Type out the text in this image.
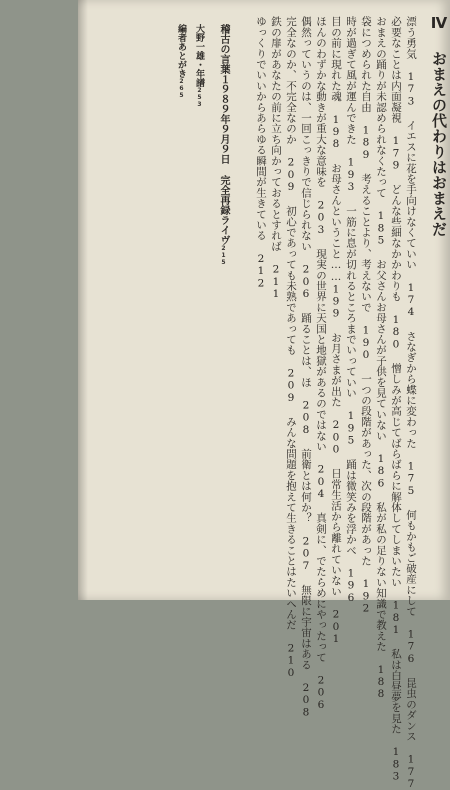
Ⅳ おまえの代わりはおまえだ
漂う勇気 173 イエスに花を手向けなくていい 174 さなぎから蝶に変わった 175 何もかもご破産にして 176 昆虫のダンス 177
必要なことは内面凝視 179 どんな些細なかかわりも 180 憎しみが高じてばらばらに解体してしまいたい 181 私は白昼夢を見た 183
おまえの踊りが未認められなくたって 185 お父さんお母さんが子供を見ていない 186 私が私の足りない知識で教えた 188
袋につめられた自由 189 考えることより、考えないで 190 一つの段階があった、次の段階があった 192
時が過ぎて風が運んできた 193 一筋に息が切れるところまでいっていい 195 踊は微笑みを浮かべ 196
目の前に現れた魂 198 お母さんということ……199 お月さまが出た 200 日常生活から離れていない 201
ほんのわずかな動きが重大な意味を 203 現実の世界に天国と地獄があるのではない 204 真剣に、でたらめにやったって 206
偶然っていうのは、一回こっきりで信じられない 206 踊ることは、ほ 208 前衛とは何か？ 207 無限に宇宙はある 208
完全なのか、不完全なのか 209 初心であっても未熟であっても 209 みんな問題を抱えて生きることはたいへんだ 210
鉄の扉があなたの前に立ち向かっておるとすれば 211
ゆっくりでいいからあらゆる瞬間が生きている 212
稽古の言葉１９８９年９月９日 完全再録ライヴ215
大野一雄・年譜253
編者あとがき265
